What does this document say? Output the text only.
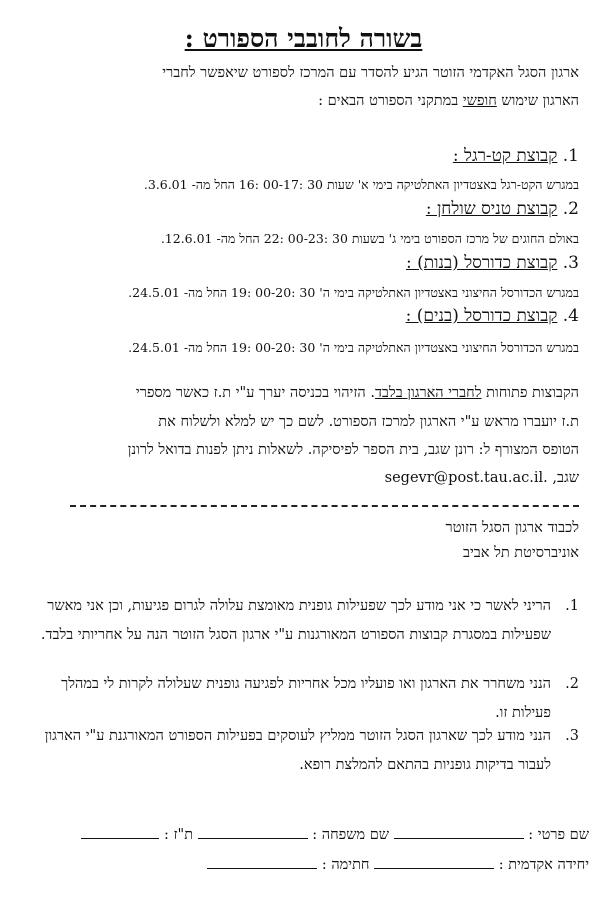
בשורה לחובבי הספורט :
ארגון הסגל האקדמי הזוטר הגיע להסדר עם המרכז לספורט שיאפשר לחברי
הארגון שימוש חופשי במתקני הספורט הבאים :
1. קבוצת קט-רגל :
במגרש הקט-רגל באצטדיון האתלטיקה בימי א' שעות 30 :00-17 :16 החל מה- 3.6.01.
2. קבוצת טניס שולחן :
באולם החוגים של מרכז הספורט בימי ג' בשעות 30 :00-23 :22 החל מה- 12.6.01.
3. קבוצת כדורסל (בנות) :
במגרש הכדורסל החיצוני באצטדיון האתלטיקה בימי ה' 30 :00-20 :19 החל מה- 24.5.01.
4. קבוצת כדורסל (בנים) :
במגרש הכדורסל החיצוני באצטדיון האתלטיקה בימי ה' 30 :00-20 :19 החל מה- 24.5.01.
הקבוצות פתוחות לחברי הארגון בלבד. הזיהוי בכניסה יערך ע"י ת.ז כאשר מספרי
ת.ז יועברו מראש ע"י הארגון למרכז הספורט. לשם כך יש למלא ולשלוח את
הטופס המצורף ל: רונן שגב, בית הספר לפיסיקה. לשאלות ניתן לפנות בדואל לרונן
שגב, segevr@post.tau.ac.il.
לכבוד ארגון הסגל הזוטר
אוניברסיטת תל אביב
1.
הריני לאשר כי אני מודע לכך שפעילות גופנית מאומצת עלולה לגרום פגיעות, וכן אני מאשר שפעילות במסגרת קבוצות הספורט המאורגנות ע"י ארגון הסגל הזוטר הנה על אחריותי בלבד.
2.
הנני משחרר את הארגון ואו פועליו מכל אחריות לפגיעה גופנית שעלולה לקרות לי במהלך פעילות זו.
3.
הנני מודע לכך שארגון הסגל הזוטר ממליץ לעוסקים בפעילות הספורט המאורגנת ע"י הארגון לעבור בדיקות גופניות בהתאם להמלצת רופא.
שם פרטי :  שם משפחה :  ת"ז :
יחידה אקדמית :  חתימה :
